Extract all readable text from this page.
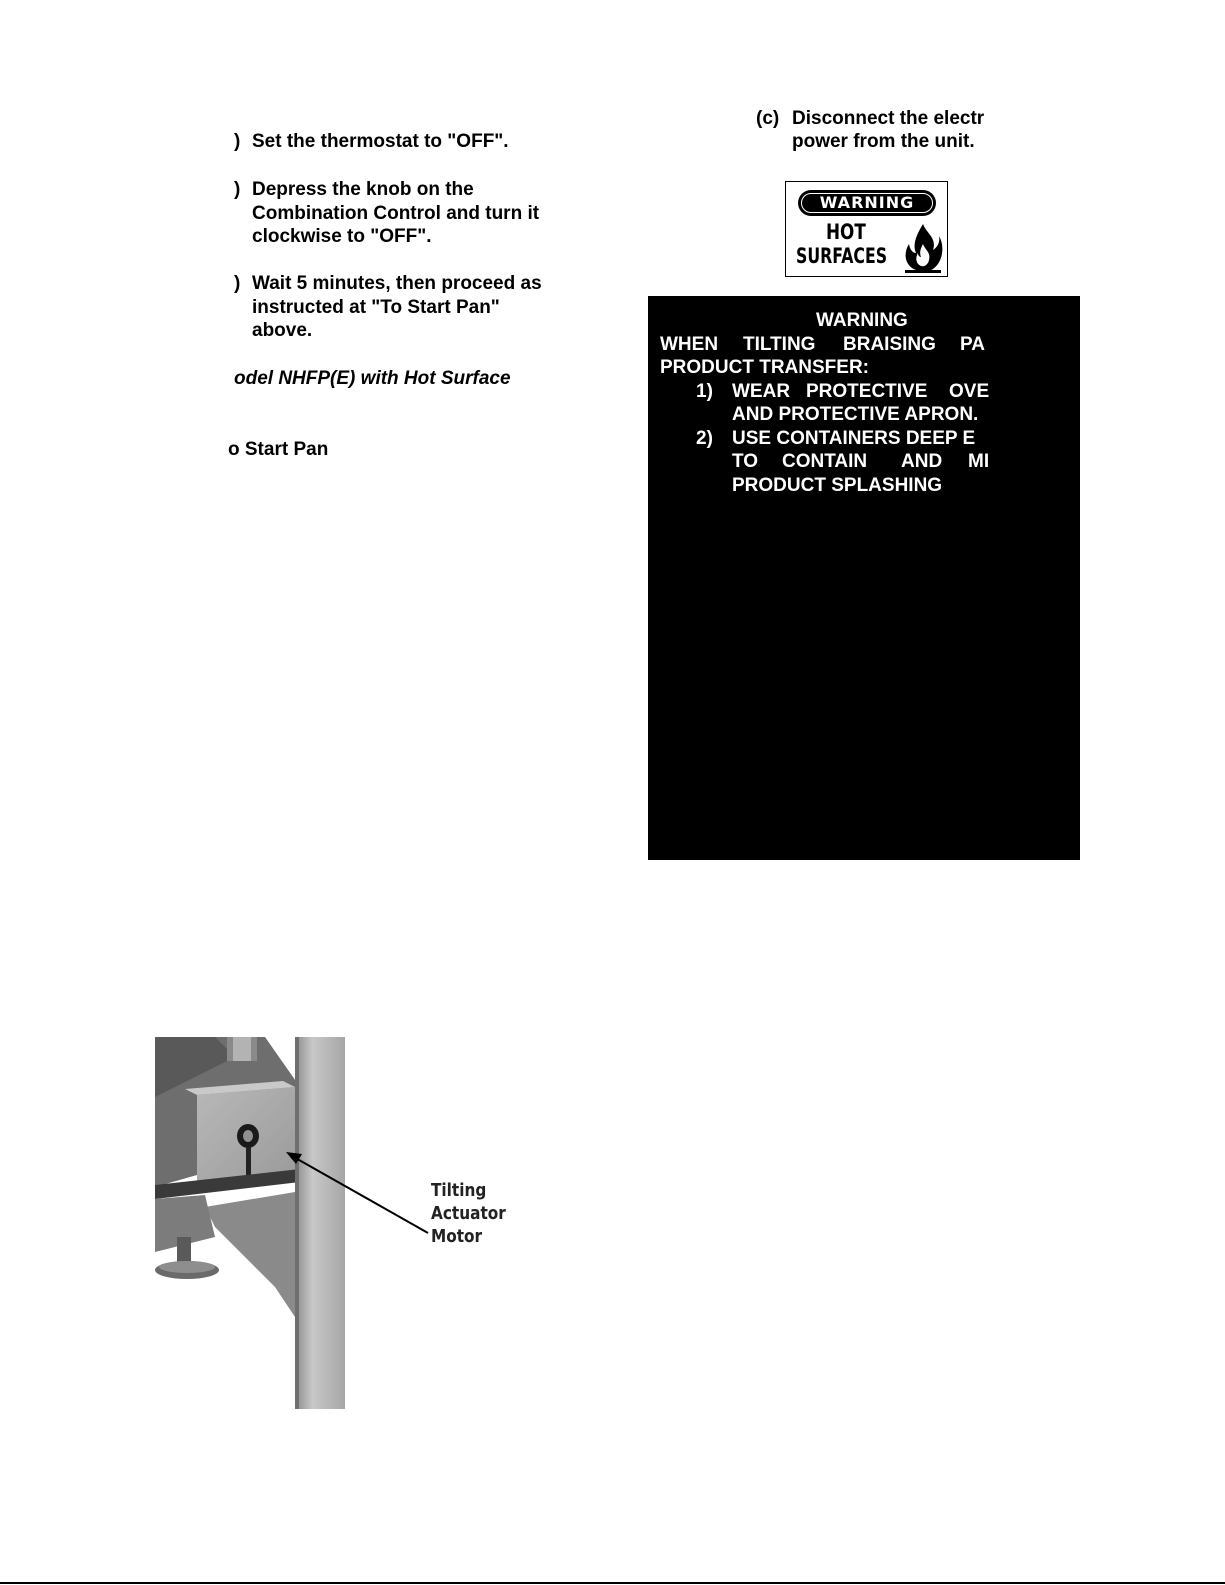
) Set the thermostat to "OFF".
) Depress the knob on the
Combination Control and turn it
clockwise to "OFF".
) Wait 5 minutes, then proceed as
instructed at "To Start Pan"
above.
odel NHFP(E) with Hot Surface
o Start Pan
(c) Disconnect the electr
power from the unit.
WARNING
HOT
SURFACES
WARNING
WHEN TILTING BRAISING PA
PRODUCT TRANSFER:
1) WEAR PROTECTIVE OVE
AND PROTECTIVE APRON.
2) USE CONTAINERS DEEP E
TO CONTAIN AND MI
PRODUCT SPLASHING
Tilting
Actuator
Motor
